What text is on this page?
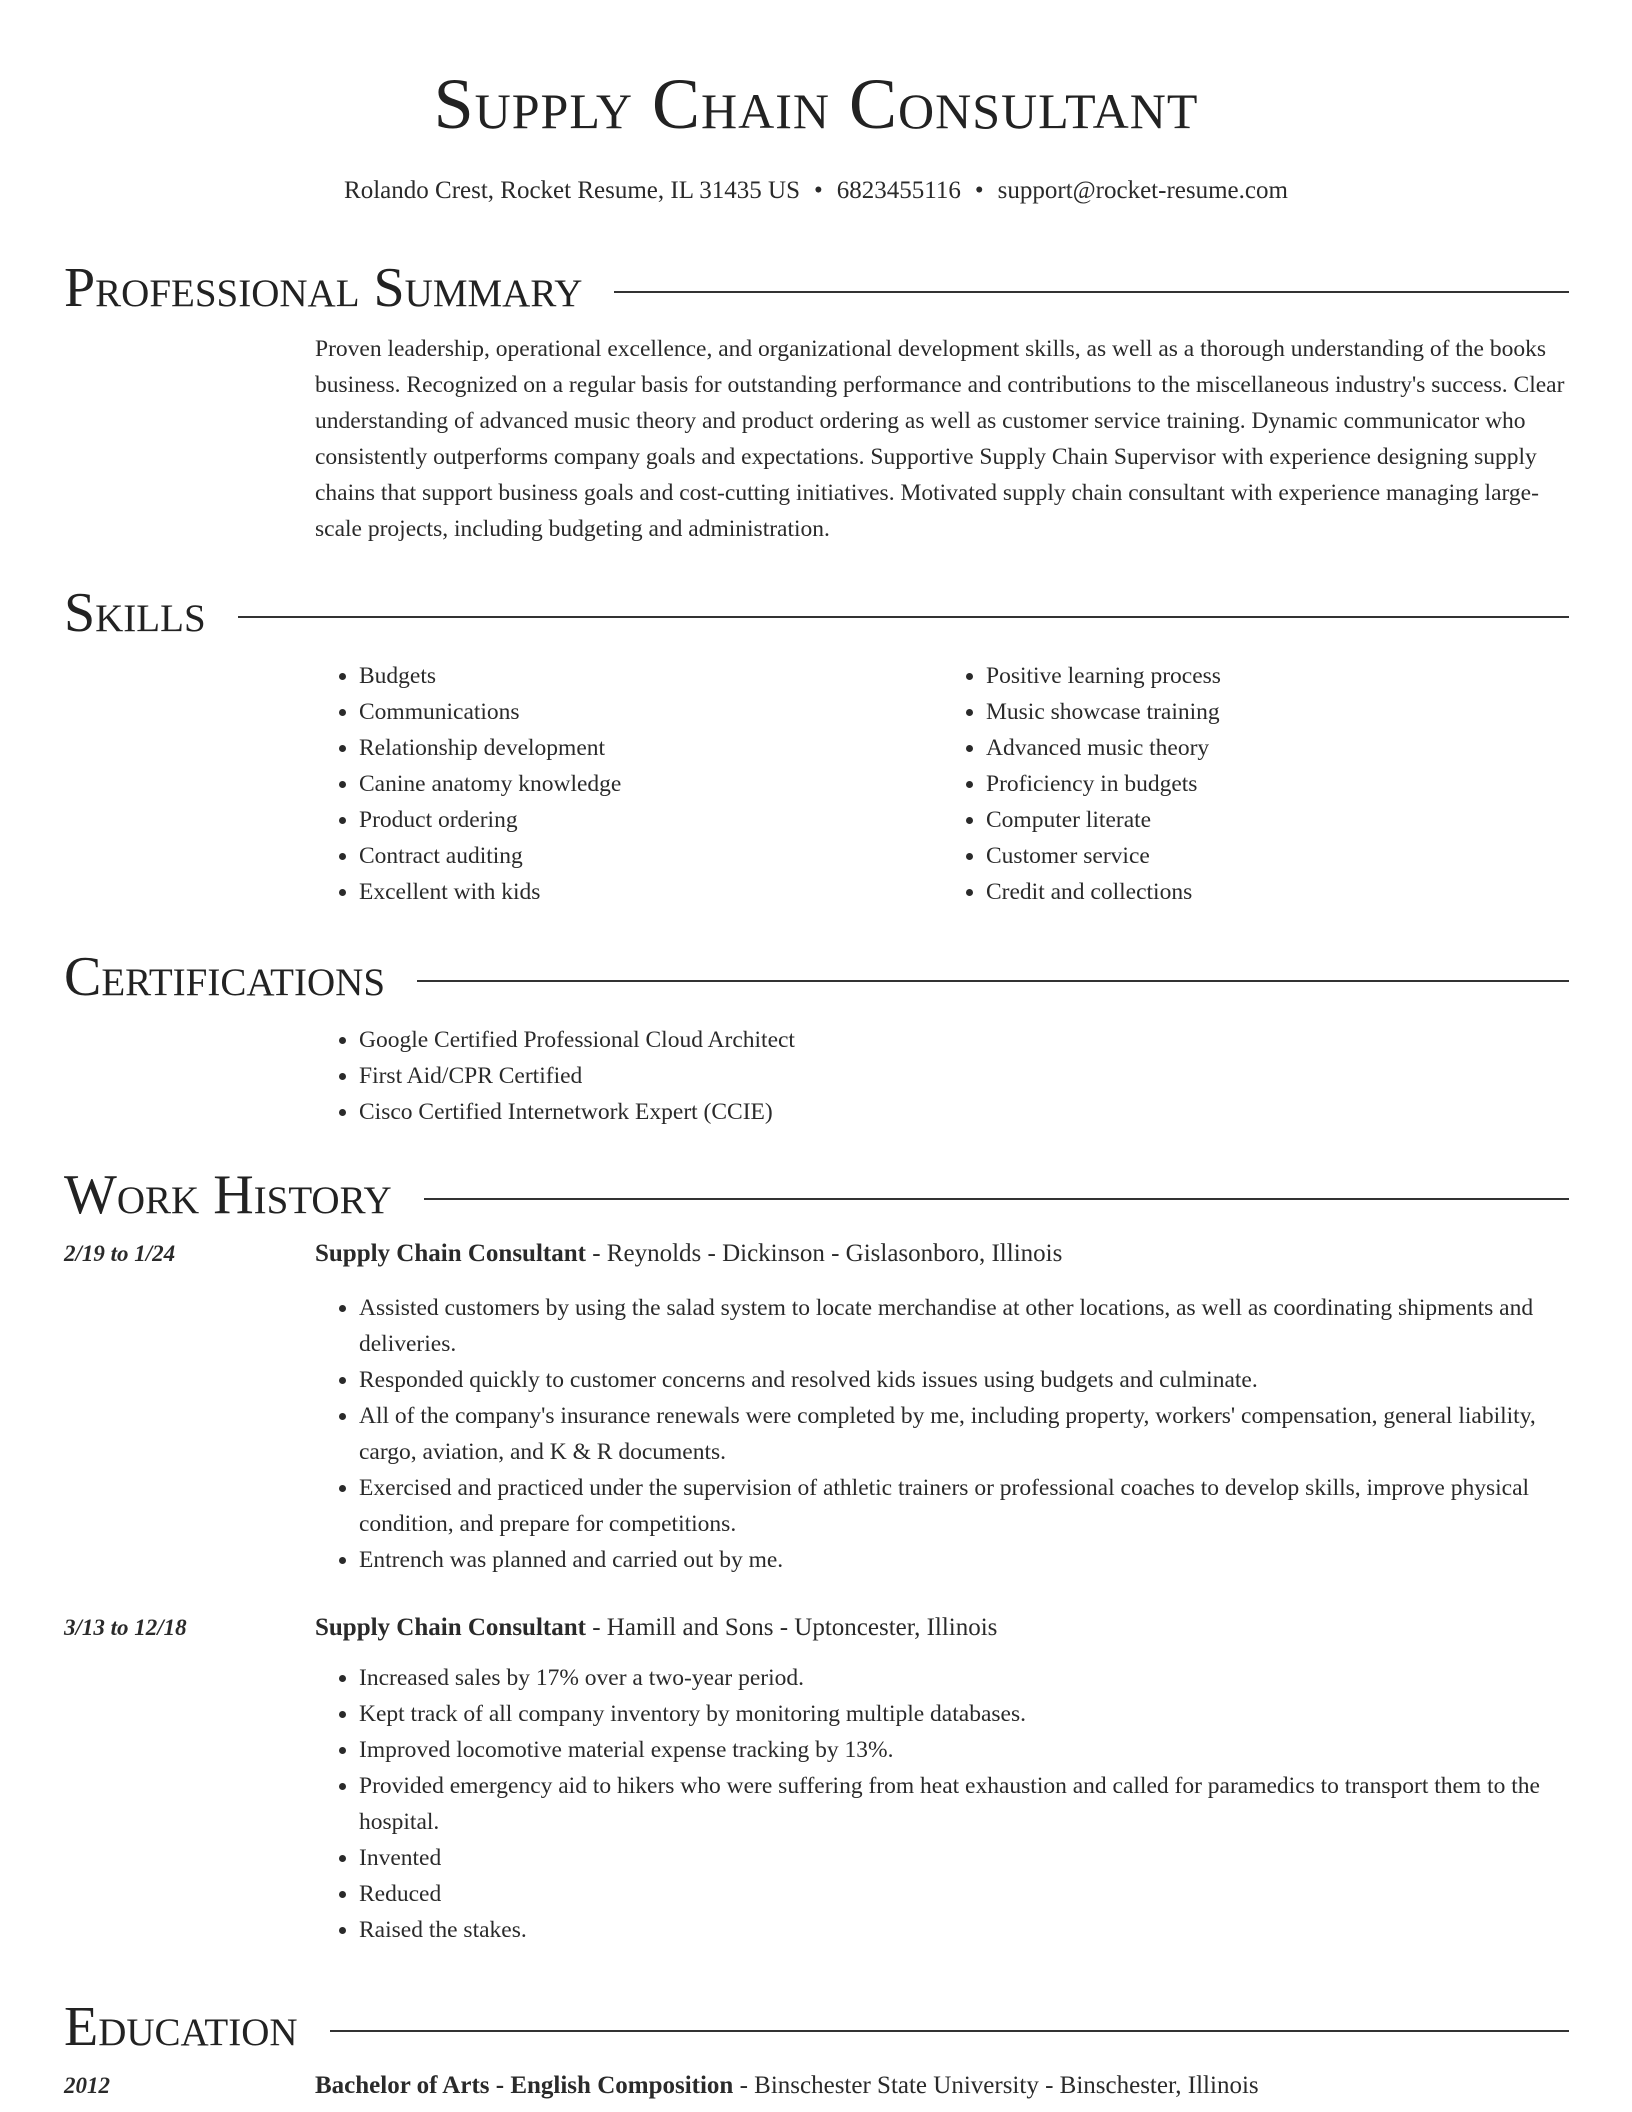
Supply Chain Consultant
Rolando Crest, Rocket Resume, IL 31435 US • 6823455116 • support@rocket-resume.com
Professional Summary

Proven leadership, operational excellence, and organizational development skills, as well as a thorough understanding of the books business. Recognized on a regular basis for outstanding performance and contributions to the miscellaneous industry's success. Clear understanding of advanced music theory and product ordering as well as customer service training. Dynamic communicator who consistently outperforms company goals and expectations. Supportive Supply Chain Supervisor with experience designing supply chains that support business goals and cost-cutting initiatives. Motivated supply chain consultant with experience managing large-scale projects, including budgeting and administration.

Skills
• Budgets
• Communications
• Relationship development
• Canine anatomy knowledge
• Product ordering
• Contract auditing
• Excellent with kids
• Positive learning process
• Music showcase training
• Advanced music theory
• Proficiency in budgets
• Computer literate
• Customer service
• Credit and collections
Certifications
• Google Certified Professional Cloud Architect
• First Aid/CPR Certified
• Cisco Certified Internetwork Expert (CCIE)
Work History
2/19 to 1/24	Supply Chain Consultant - Reynolds - Dickinson - Gislasonboro, Illinois
• Assisted customers by using the salad system to locate merchandise at other locations, as well as coordinating shipments and deliveries.
• Responded quickly to customer concerns and resolved kids issues using budgets and culminate.
• All of the company's insurance renewals were completed by me, including property, workers' compensation, general liability, cargo, aviation, and K & R documents.
• Exercised and practiced under the supervision of athletic trainers or professional coaches to develop skills, improve physical condition, and prepare for competitions.
• Entrench was planned and carried out by me.
3/13 to 12/18	Supply Chain Consultant - Hamill and Sons - Uptoncester, Illinois
• Increased sales by 17% over a two-year period.
• Kept track of all company inventory by monitoring multiple databases.
• Improved locomotive material expense tracking by 13%.
• Provided emergency aid to hikers who were suffering from heat exhaustion and called for paramedics to transport them to the hospital.
• Invented
• Reduced
• Raised the stakes.
Education
2012	Bachelor of Arts - English Composition - Binschester State University - Binschester, Illinois
